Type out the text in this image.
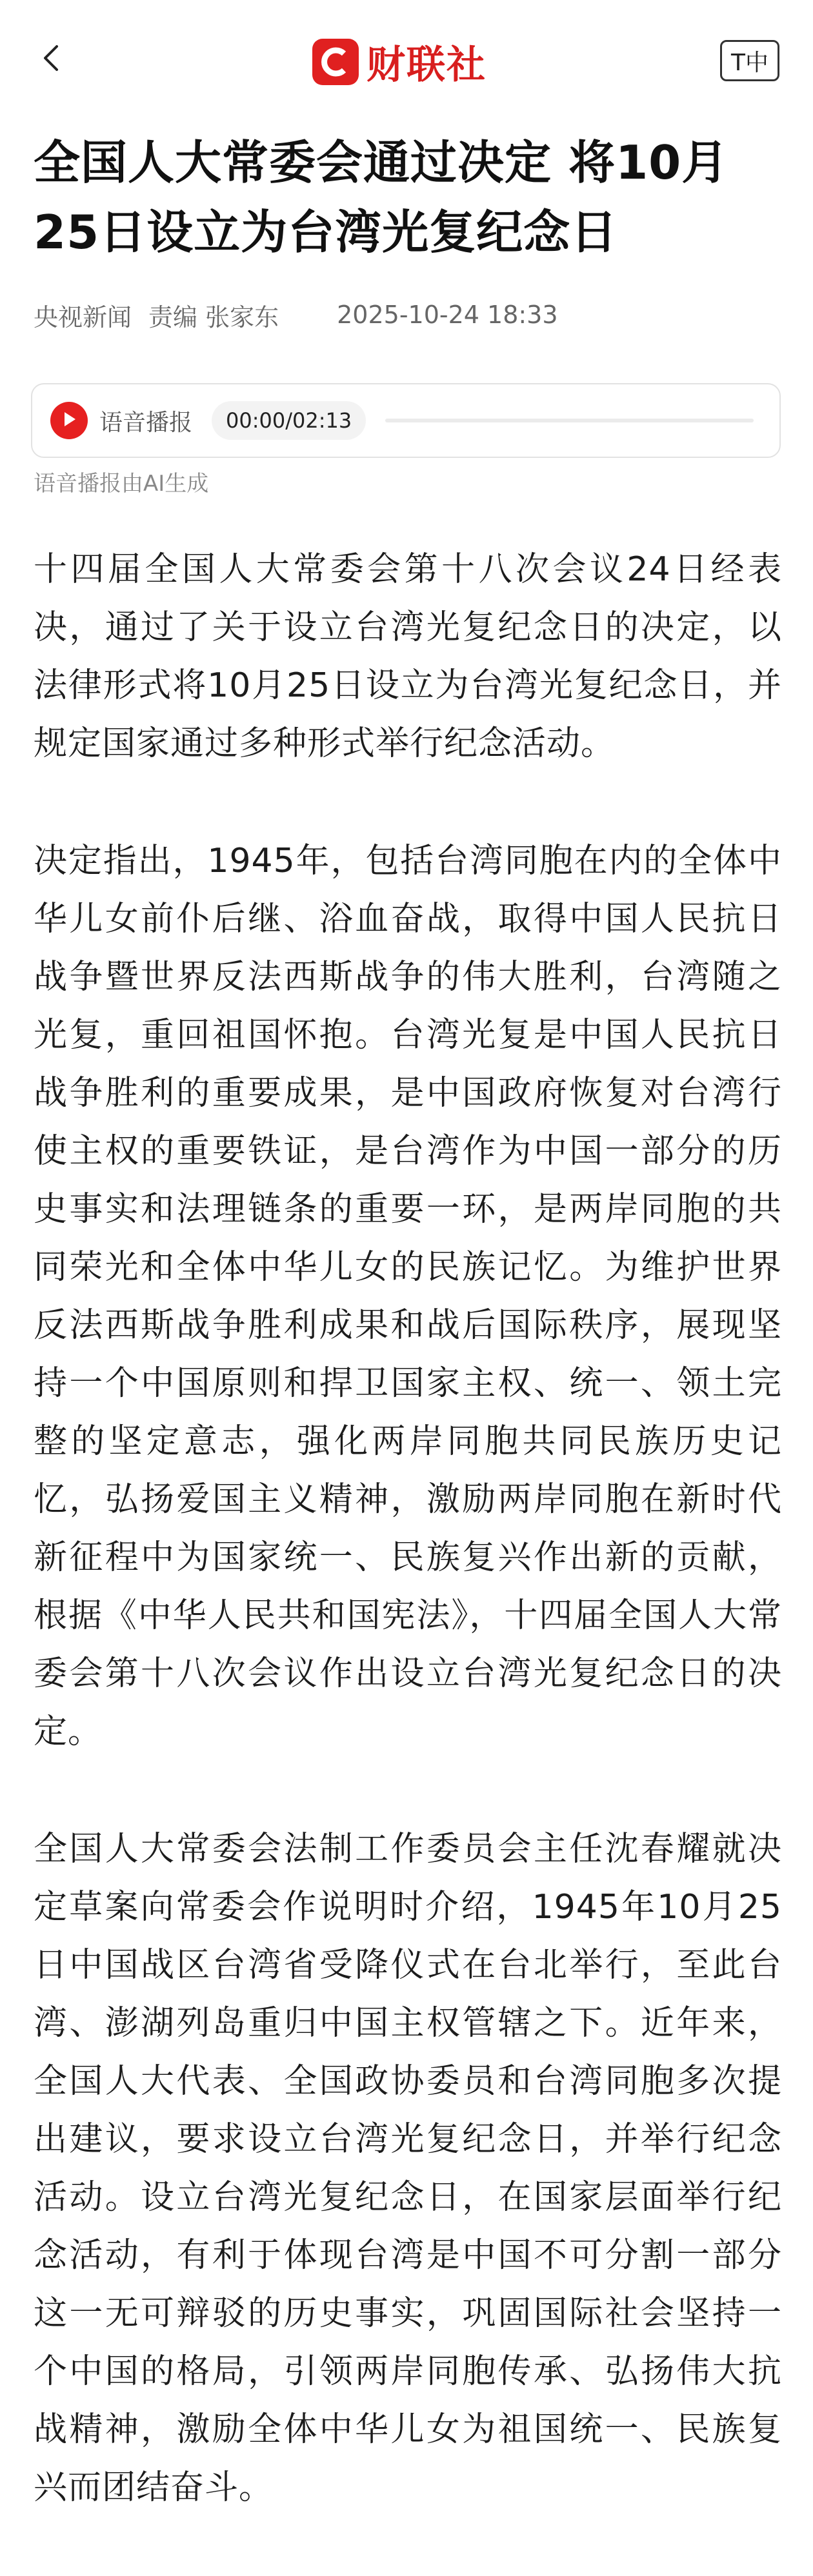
财联社	T中
全国人大常委会通过决定 将10月25日设立为台湾光复纪念日
央视新闻 责编 张家东 2025-10-24 18:33
语音播报	00:00/02:13
语音播报由AI生成

十四届全国人大常委会第十八次会议24日经表决，通过了关于设立台湾光复纪念日的决定，以法律形式将10月25日设立为台湾光复纪念日，并规定国家通过多种形式举行纪念活动。

决定指出，1945年，包括台湾同胞在内的全体中华儿女前仆后继、浴血奋战，取得中国人民抗日战争暨世界反法西斯战争的伟大胜利，台湾随之光复，重回祖国怀抱。台湾光复是中国人民抗日战争胜利的重要成果，是中国政府恢复对台湾行使主权的重要铁证，是台湾作为中国一部分的历史事实和法理链条的重要一环，是两岸同胞的共同荣光和全体中华儿女的民族记忆。为维护世界反法西斯战争胜利成果和战后国际秩序，展现坚持一个中国原则和捍卫国家主权、统一、领土完整的坚定意志，强化两岸同胞共同民族历史记忆，弘扬爱国主义精神，激励两岸同胞在新时代新征程中为国家统一、民族复兴作出新的贡献，根据《中华人民共和国宪法》，十四届全国人大常委会第十八次会议作出设立台湾光复纪念日的决定。

全国人大常委会法制工作委员会主任沈春耀就决定草案向常委会作说明时介绍，1945年10月25日中国战区台湾省受降仪式在台北举行，至此台湾、澎湖列岛重归中国主权管辖之下。近年来，全国人大代表、全国政协委员和台湾同胞多次提出建议，要求设立台湾光复纪念日，并举行纪念活动。设立台湾光复纪念日，在国家层面举行纪念活动，有利于体现台湾是中国不可分割一部分这一无可辩驳的历史事实，巩固国际社会坚持一个中国的格局，引领两岸同胞传承、弘扬伟大抗战精神，激励全体中华儿女为祖国统一、民族复兴而团结奋斗。
